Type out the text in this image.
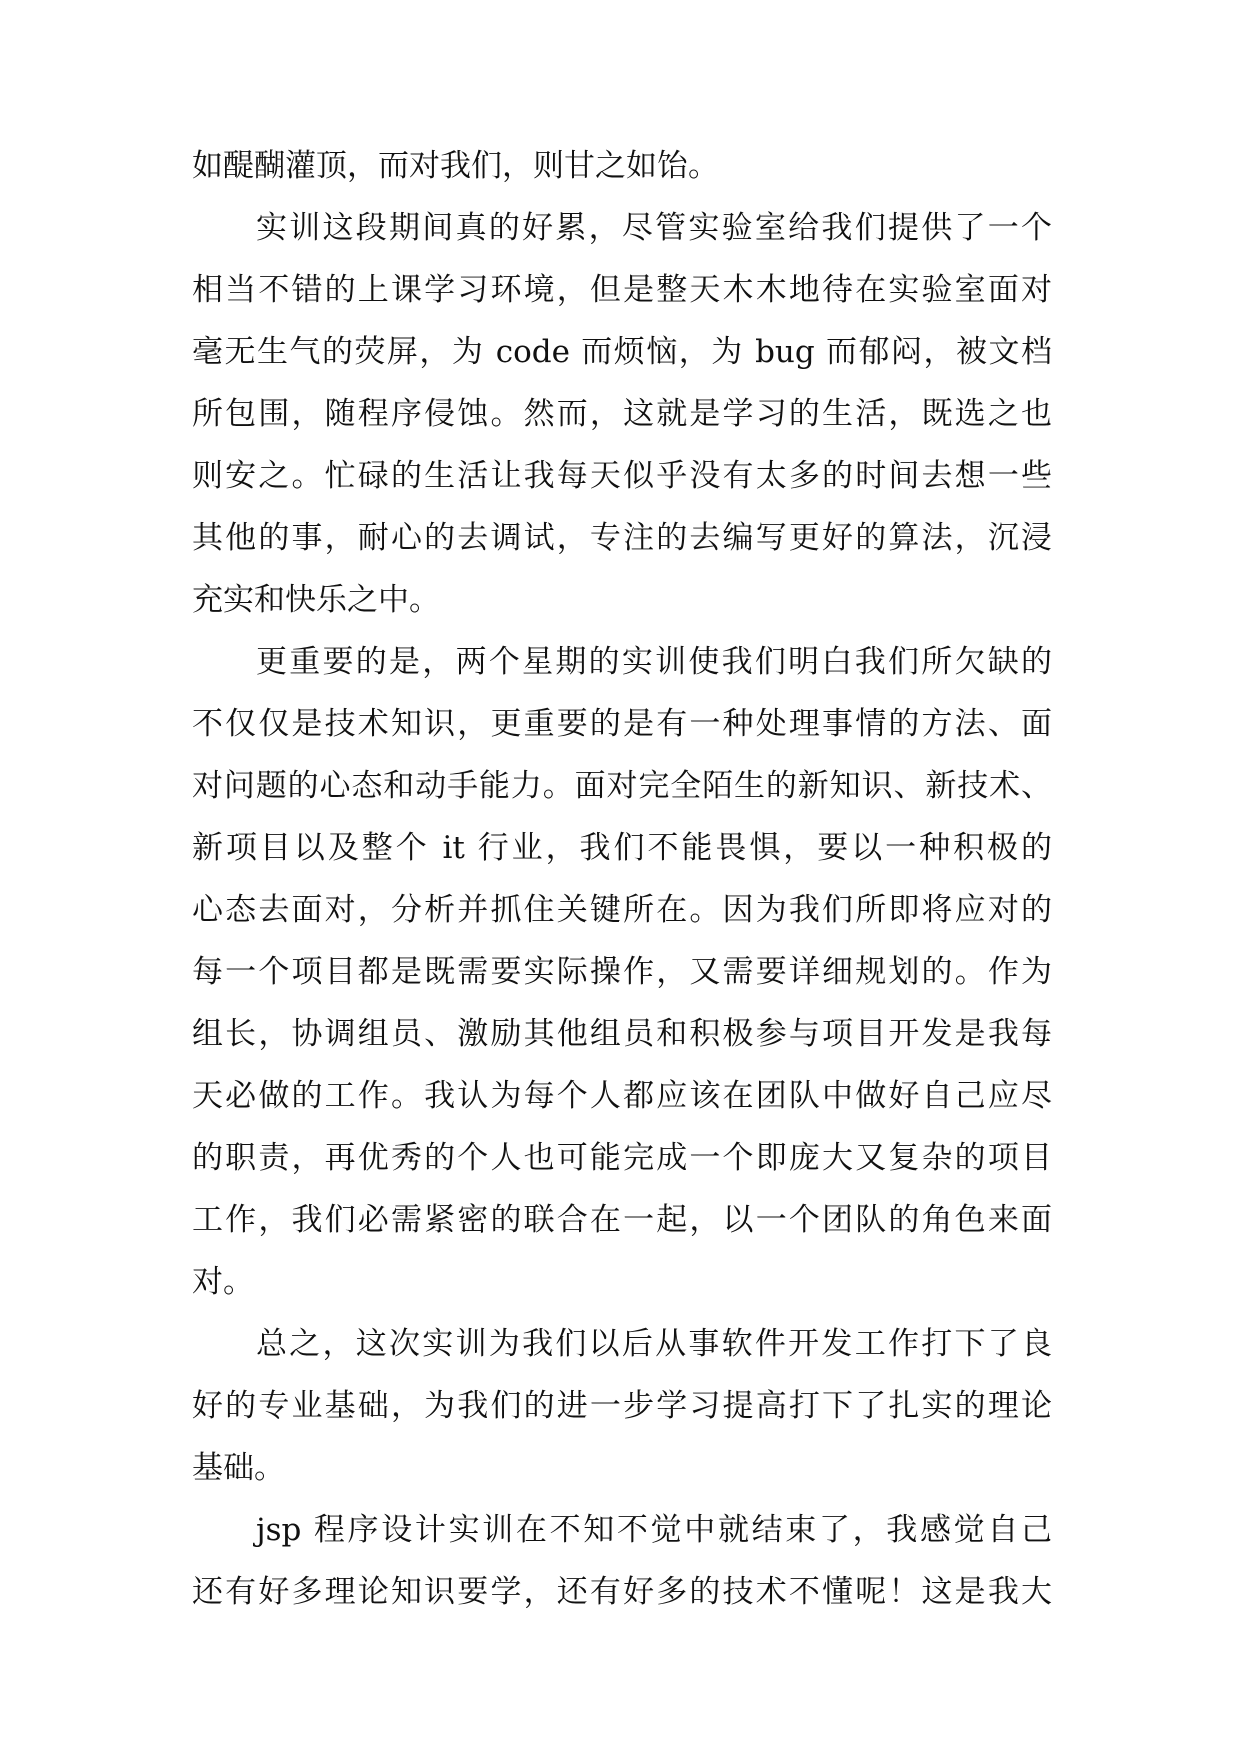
如醍醐灌顶，而对我们，则甘之如饴。
实训这段期间真的好累，尽管实验室给我们提供了一个
相当不错的上课学习环境，但是整天木木地待在实验室面对
毫无生气的荧屏，为 code 而烦恼，为 bug 而郁闷，被文档
所包围，随程序侵蚀。然而，这就是学习的生活，既选之也
则安之。忙碌的生活让我每天似乎没有太多的时间去想一些
其他的事，耐心的去调试，专注的去编写更好的算法，沉浸
充实和快乐之中。
更重要的是，两个星期的实训使我们明白我们所欠缺的
不仅仅是技术知识，更重要的是有一种处理事情的方法、面
对问题的心态和动手能力。面对完全陌生的新知识、新技术、
新项目以及整个 it 行业，我们不能畏惧，要以一种积极的
心态去面对，分析并抓住关键所在。因为我们所即将应对的
每一个项目都是既需要实际操作，又需要详细规划的。作为
组长，协调组员、激励其他组员和积极参与项目开发是我每
天必做的工作。我认为每个人都应该在团队中做好自己应尽
的职责，再优秀的个人也可能完成一个即庞大又复杂的项目
工作，我们必需紧密的联合在一起，以一个团队的角色来面
对。
总之，这次实训为我们以后从事软件开发工作打下了良
好的专业基础，为我们的进一步学习提高打下了扎实的理论
基础。
jsp 程序设计实训在不知不觉中就结束了，我感觉自己
还有好多理论知识要学，还有好多的技术不懂呢！这是我大
